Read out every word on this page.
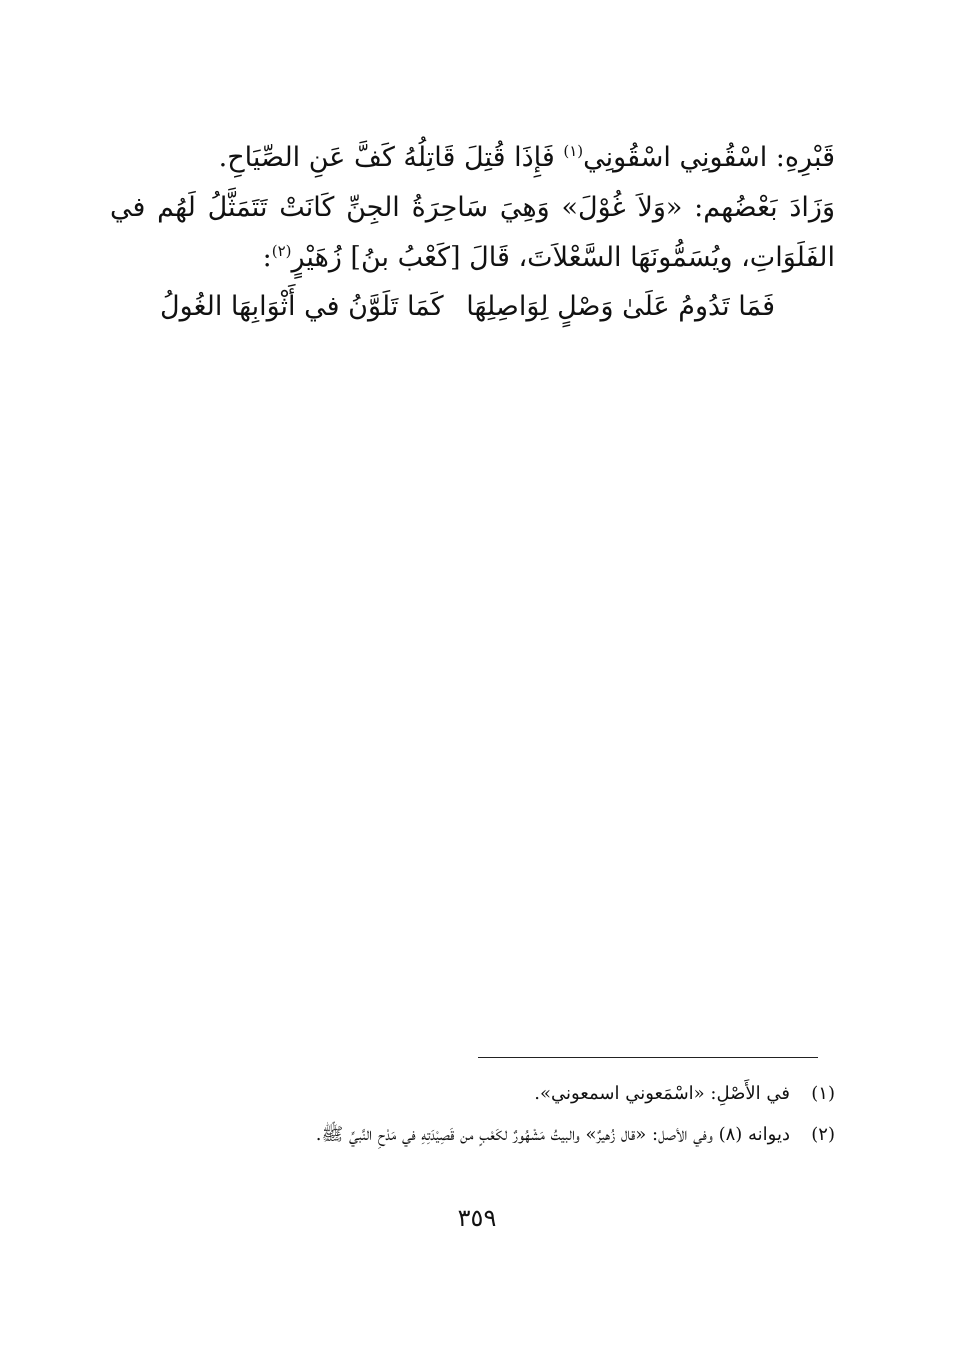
قَبْرِهِ: اسْقُونِي اسْقُونِي$^{(١)}$ فَإِذَا قُتِلَ قَاتِلُهُ كَفَّ عَنِ الصِّيَاحِ.
وَزَادَ بَعْضُهم: «وَلاَ غُوْلَ» وَهِيَ سَاحِرَةُ الجِنِّ كَانَتْ تَتَمَثَّلُ لَهُم في
الفَلَوَاتِ، ويُسَمُّونَهَا السَّعْلاَتَ، قَالَ [كَعْبُ بنُ] زُهَيْرٍ$^{(٢)}$:
فَمَا تَدُومُ عَلَىٰ وَصْلٍ لِوَاصِلِهَا
كَمَا تَلَوَّنُ في أَثْوَابِهَا الغُولُ
(١)في الأَصْلِ: «اسْمَعوني اسمعوني».
(٢)ديوانه (٨) وفي الأصل: «قال زُهيرٌ» والبيتُ مَشْهُورٌ لكَعْبٍ من قَصِيْدَتِهِ في مَدْحِ النَّبيِّ ﷺ.
٣٥٩
